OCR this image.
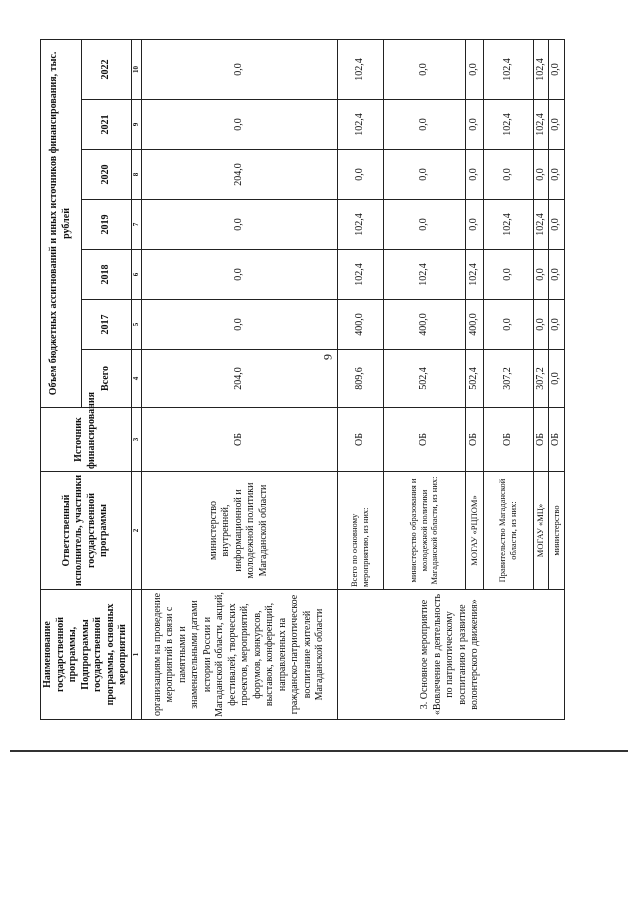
9
Наименование государственной программы, Подпрограммы государственной программы, основных мероприятий	Ответственный исполнитель, участники государственной программы	Источник финансирования	Объем бюджетных ассигнований и иных источников финансирования, тыс. рублей						
			Всего	2017	2018	2019	2020	2021	2022
1	2	3	4	5	6	7	8	9	10
организациям на проведение мероприятий в связи с памятными и знаменательными датами истории России и Магаданской области, акций, фестивалей, творческих проектов, мероприятий, форумов, конкурсов, выставок, конференций, направленных на гражданско-патриотическое воспитание жителей Магаданской области	министерство внутренней, информационной и молодежной политики Магаданской области	ОБ	204,0	0,0	0,0	0,0	204,0	0,0	0,0
3. Основное мероприятие «Вовлечение в деятельность по патриотическому воспитанию и развитие волонтерского движения»	Всего по основному мероприятию, из них:	ОБ	809,6	400,0	102,4	102,4	0,0	102,4	102,4
	министерство образования и молодежной политики Магаданской области, из них:	ОБ	502,4	400,0	102,4	0,0	0,0	0,0	0,0
	МОГАУ «РЦПОМ»	ОБ	502,4	400,0	102,4	0,0	0,0	0,0	0,0
	Правительство Магаданской области, из них:	ОБ	307,2	0,0	0,0	102,4	0,0	102,4	102,4
	МОГАУ «МЦ»	ОБ	307,2	0,0	0,0	102,4	0,0	102,4	102,4
	министерство	ОБ	0,0	0,0	0,0	0,0	0,0	0,0	0,0
